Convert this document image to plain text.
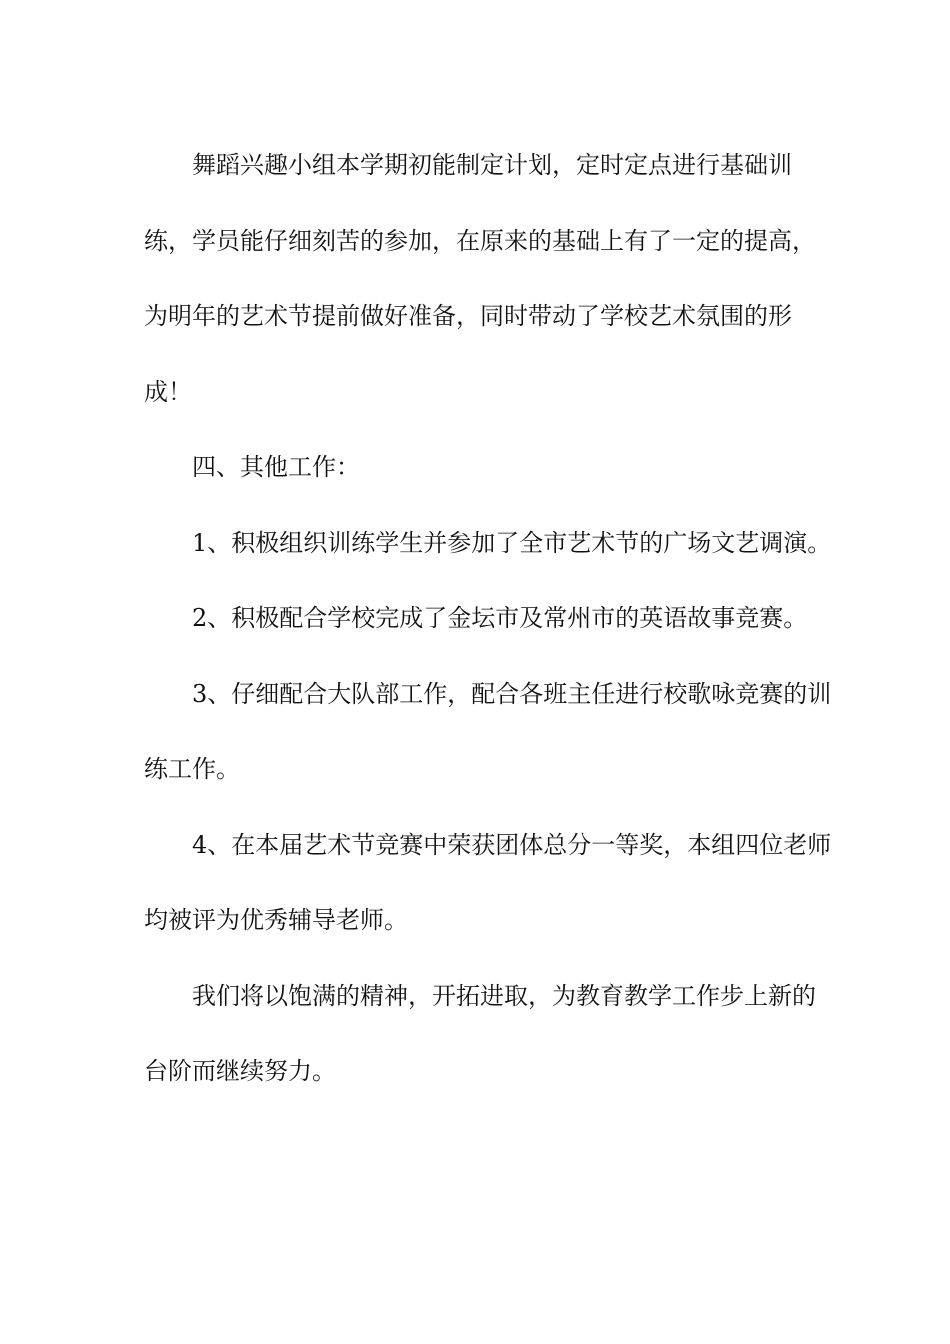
舞蹈兴趣小组本学期初能制定计划，定时定点进行基础训练，学员能仔细刻苦的参加，在原来的基础上有了一定的提高，为明年的艺术节提前做好准备，同时带动了学校艺术氛围的形成！

四、其他工作：

1、积极组织训练学生并参加了全市艺术节的广场文艺调演。

2、积极配合学校完成了金坛市及常州市的英语故事竞赛。

3、仔细配合大队部工作，配合各班主任进行校歌咏竞赛的训练工作。

4、在本届艺术节竞赛中荣获团体总分一等奖，本组四位老师均被评为优秀辅导老师。

我们将以饱满的精神，开拓进取，为教育教学工作步上新的台阶而继续努力。
